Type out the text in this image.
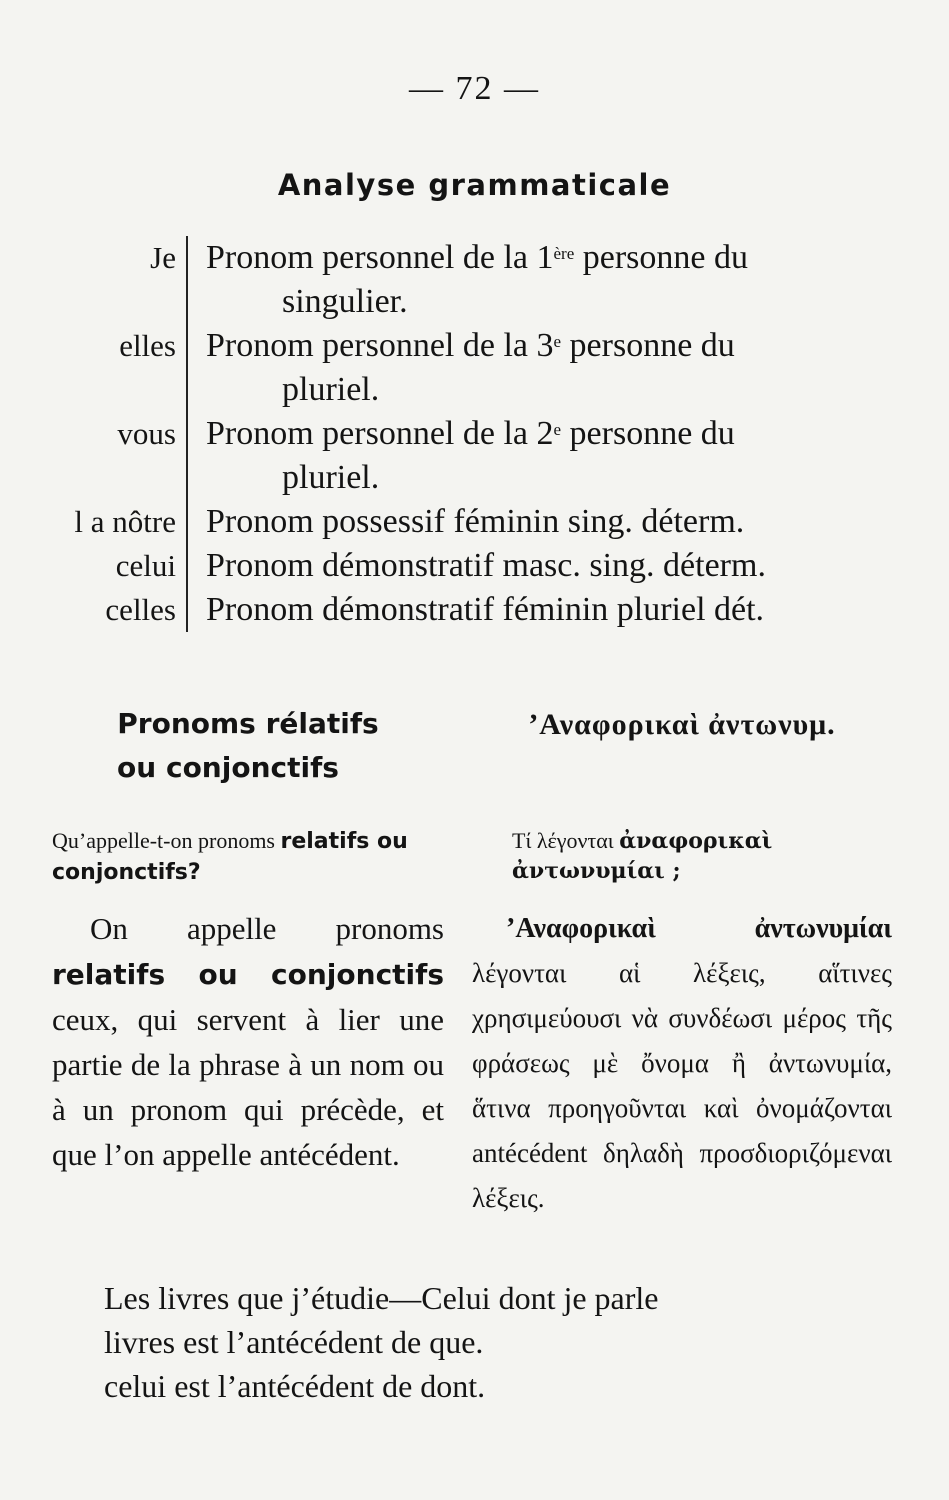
— 72 —
Analyse grammaticale
Je Pronom personnel de la 1ère personne du
singulier.
elles Pronom personnel de la 3e personne du
pluriel.
vous Pronom personnel de la 2e personne du
pluriel.
l a nôtre Pronom possessif féminin sing. déterm.
celui Pronom démonstratif masc. sing. déterm.
celles Pronom démonstratif féminin pluriel dét.
Pronoms rélatifs
ou conjonctifs
’Αναφορικαὶ ἀντωνυμ.
Qu’appelle-t-on pronoms relatifs ou conjonctifs?
Τί λέγονται ἀναφορικαὶ ἀντωνυμίαι ;
On appelle pronoms relatifs ou conjonctifs ceux, qui servent à lier une partie de la phrase à un nom ou à un pronom qui précède, et que l’on appelle antécédent.
’Αναφορικαὶ ἀντωνυμίαι λέγονται αἱ λέξεις, αἵτινες χρησιμεύουσι νὰ συνδέωσι μέρος τῆς φράσεως μὲ ὄνομα ἢ ἀντωνυμία, ἅτινα προηγοῦνται καὶ ὀνομάζονται antécédent δηλαδὴ προσδιοριζόμεναι λέξεις.
Les livres que j’étudie—Celui dont je parle
livres est l’antécédent de que.
celui est l’antécédent de dont.
